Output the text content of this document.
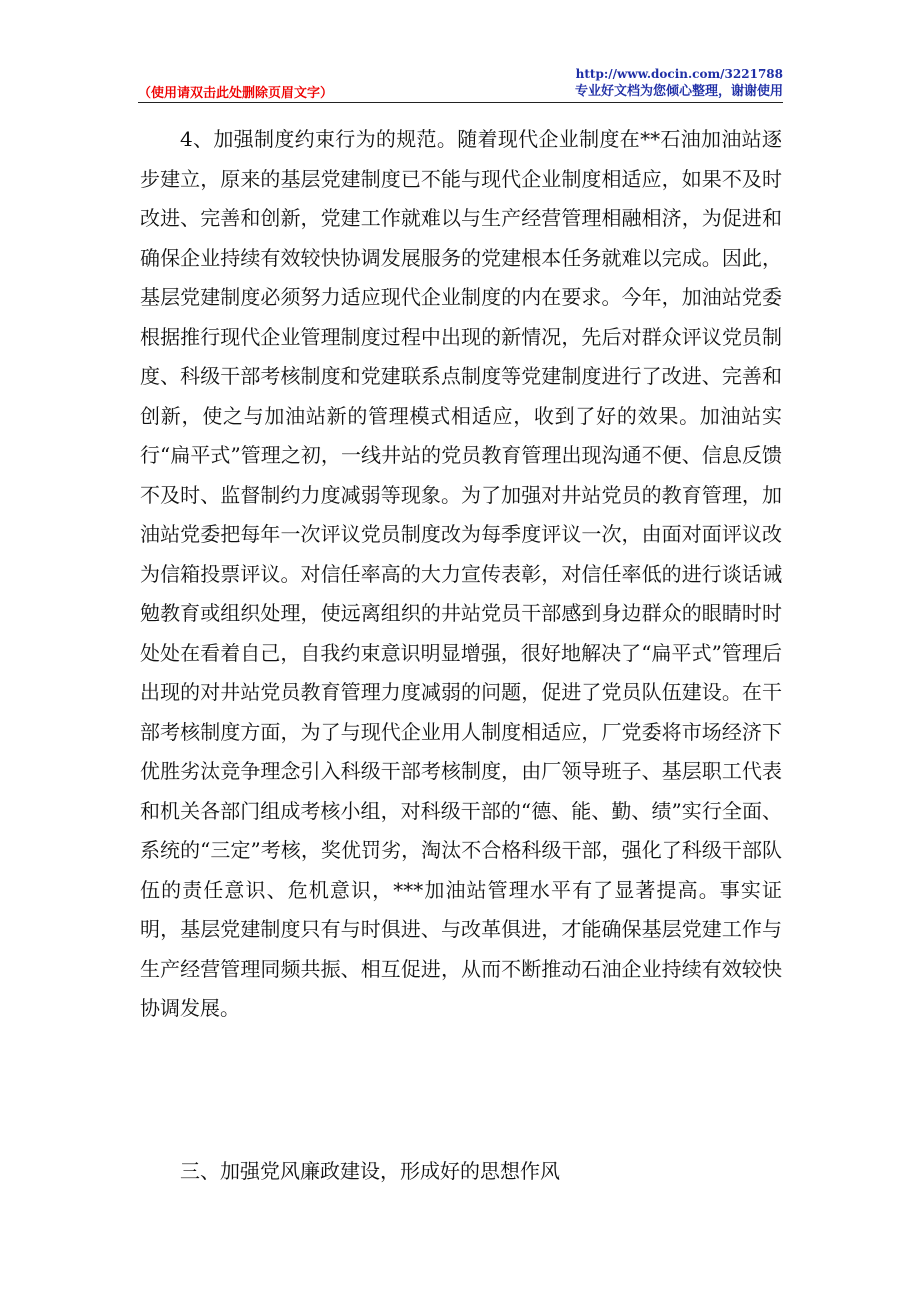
（使用请双击此处删除页眉文字）
http://www.docin.com/3221788
专业好文档为您倾心整理，谢谢使用

4、加强制度约束行为的规范。随着现代企业制度在**石油加油站逐步建立，原来的基层党建制度已不能与现代企业制度相适应，如果不及时改进、完善和创新，党建工作就难以与生产经营管理相融相济，为促进和确保企业持续有效较快协调发展服务的党建根本任务就难以完成。因此，基层党建制度必须努力适应现代企业制度的内在要求。今年，加油站党委根据推行现代企业管理制度过程中出现的新情况，先后对群众评议党员制度、科级干部考核制度和党建联系点制度等党建制度进行了改进、完善和创新，使之与加油站新的管理模式相适应，收到了好的效果。加油站实行“扁平式”管理之初，一线井站的党员教育管理出现沟通不便、信息反馈不及时、监督制约力度减弱等现象。为了加强对井站党员的教育管理，加油站党委把每年一次评议党员制度改为每季度评议一次，由面对面评议改为信箱投票评议。对信任率高的大力宣传表彰，对信任率低的进行谈话诫勉教育或组织处理，使远离组织的井站党员干部感到身边群众的眼睛时时处处在看着自己，自我约束意识明显增强，很好地解决了“扁平式”管理后出现的对井站党员教育管理力度减弱的问题，促进了党员队伍建设。在干部考核制度方面，为了与现代企业用人制度相适应，厂党委将市场经济下优胜劣汰竞争理念引入科级干部考核制度，由厂领导班子、基层职工代表和机关各部门组成考核小组，对科级干部的“德、能、勤、绩”实行全面、系统的“三定”考核，奖优罚劣，淘汰不合格科级干部，强化了科级干部队伍的责任意识、危机意识，***加油站管理水平有了显著提高。事实证明，基层党建制度只有与时俱进、与改革俱进，才能确保基层党建工作与生产经营管理同频共振、相互促进，从而不断推动石油企业持续有效较快协调发展。

三、加强党风廉政建设，形成好的思想作风
